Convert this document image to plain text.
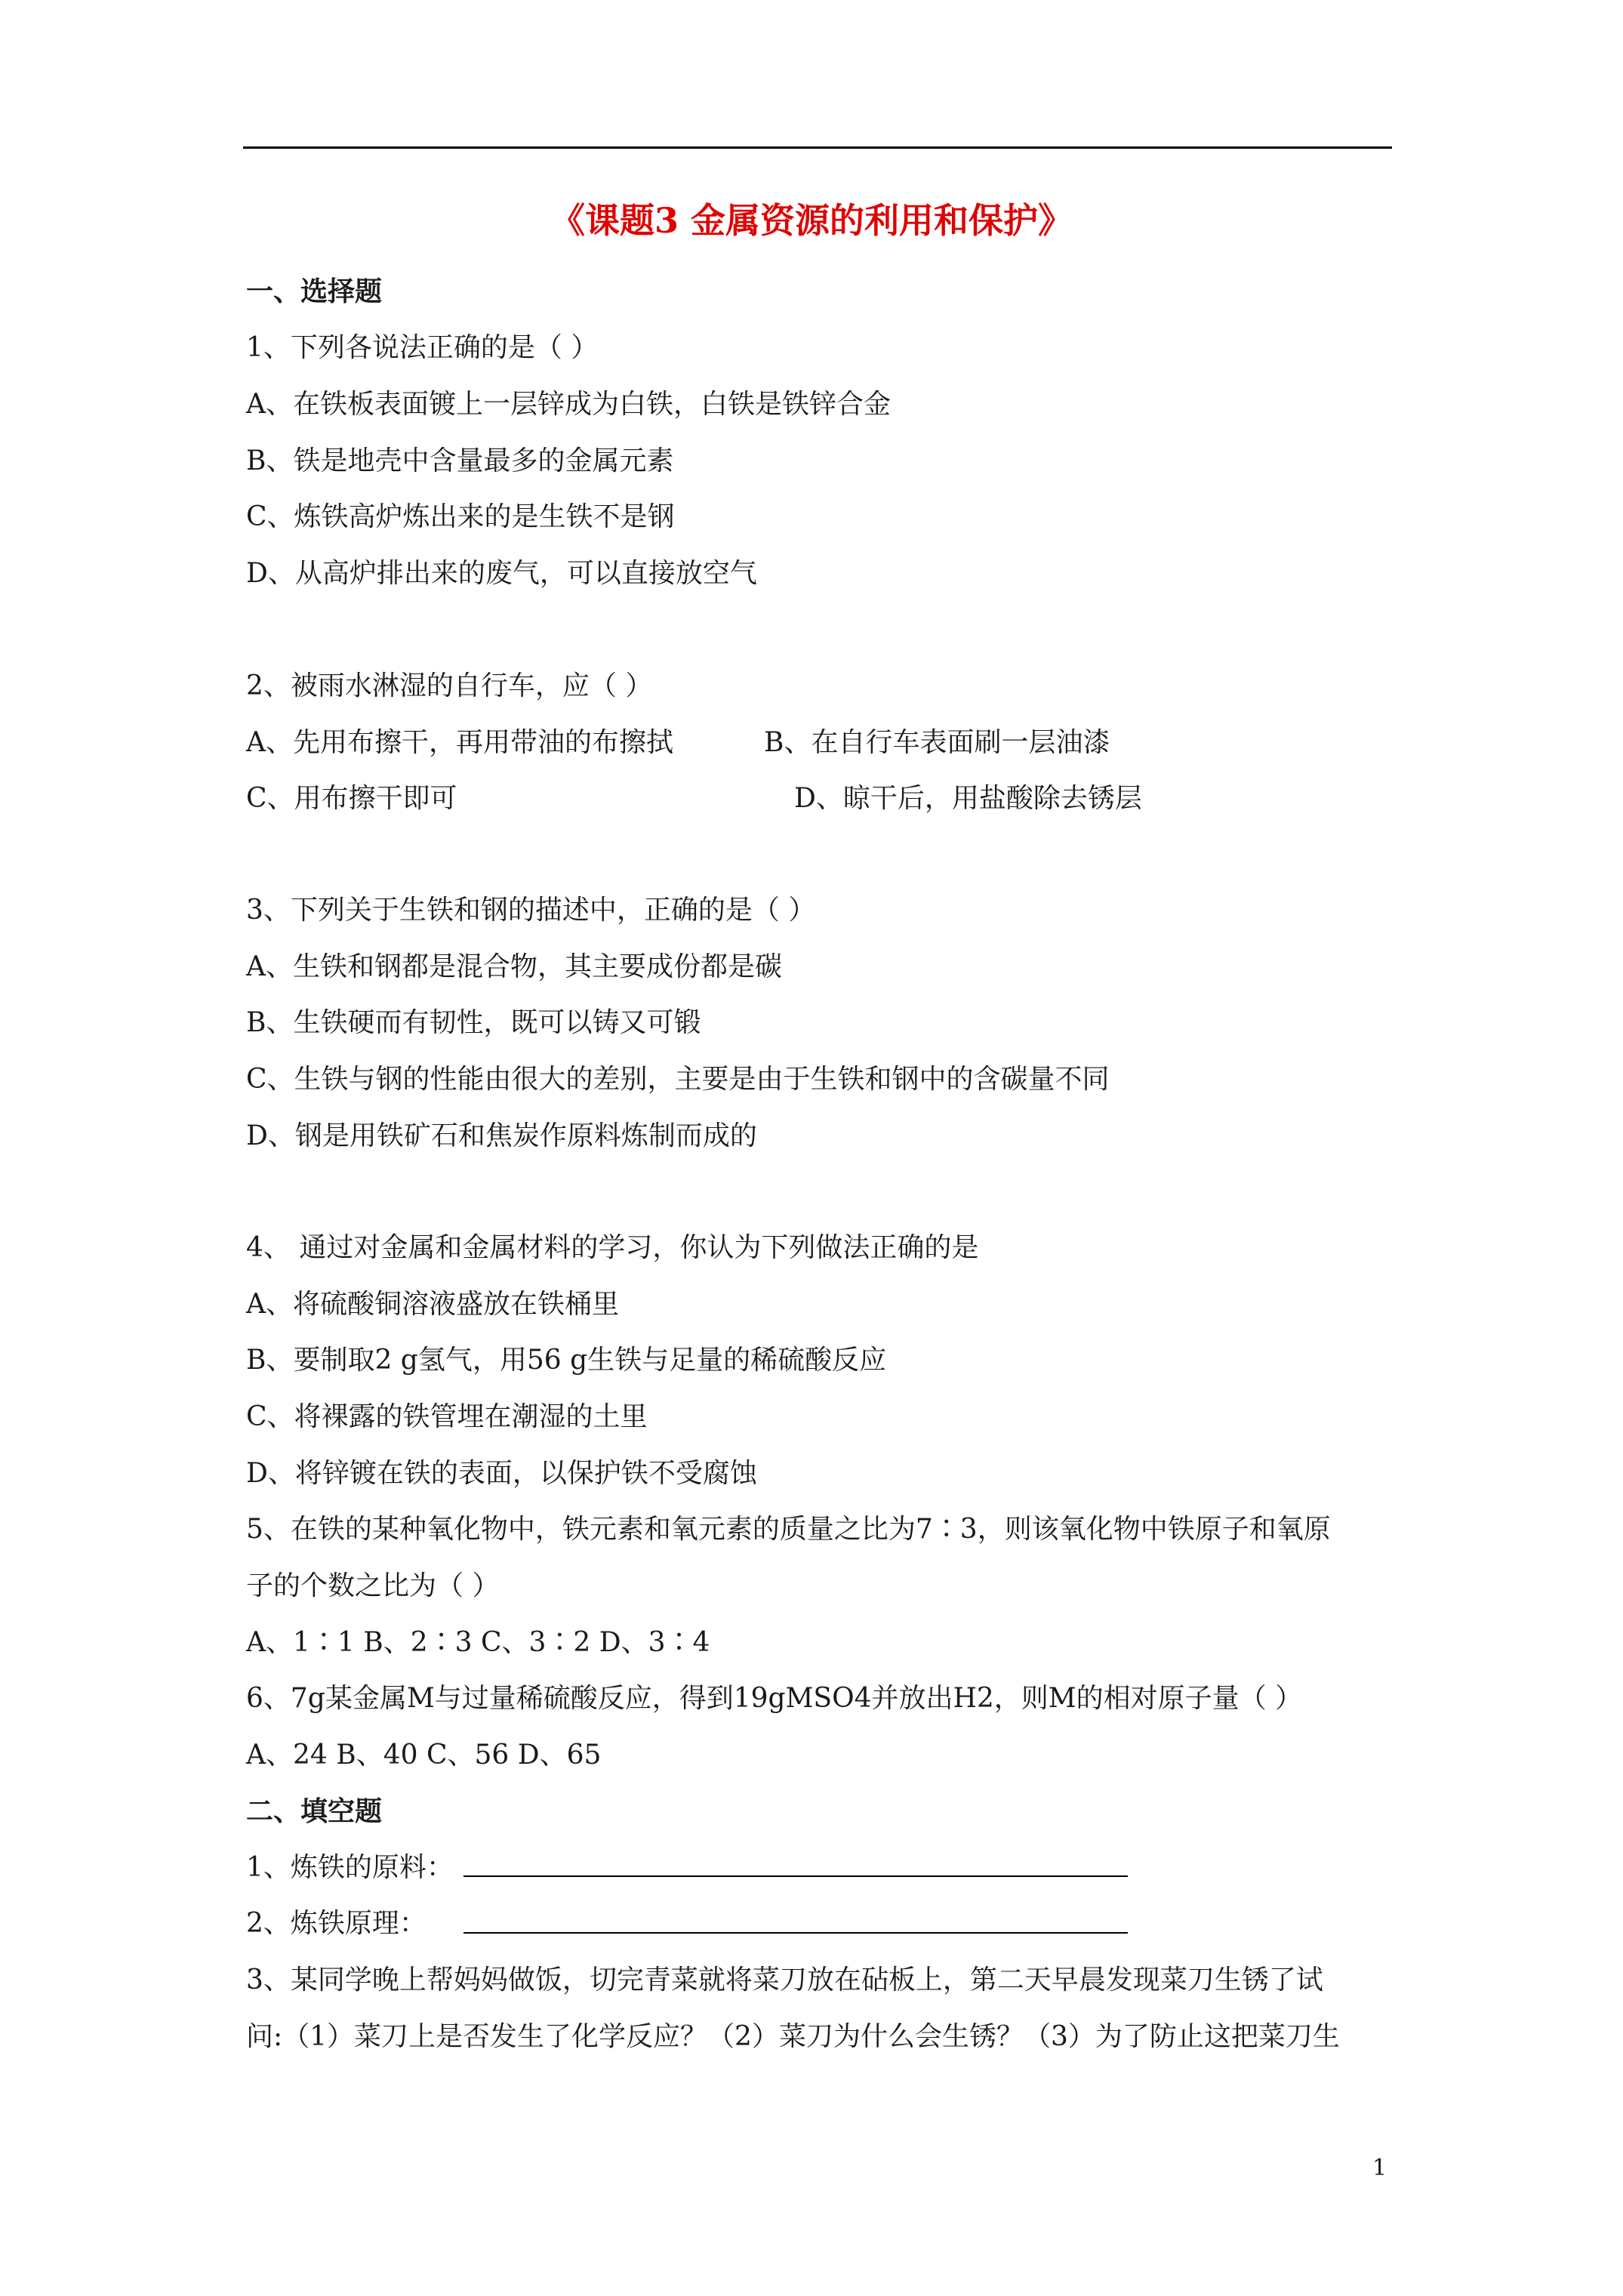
《课题3 金属资源的利用和保护》
一、选择题
1、下列各说法正确的是（ ）
A、在铁板表面镀上一层锌成为白铁，白铁是铁锌合金
B、铁是地壳中含量最多的金属元素
C、炼铁高炉炼出来的是生铁不是钢
D、从高炉排出来的废气，可以直接放空气
2、被雨水淋湿的自行车，应（ ）
A、先用布擦干，再用带油的布擦拭	B、在自行车表面刷一层油漆
C、用布擦干即可	D、晾干后，用盐酸除去锈层
3、下列关于生铁和钢的描述中，正确的是（ ）
A、生铁和钢都是混合物，其主要成份都是碳
B、生铁硬而有韧性，既可以铸又可锻
C、生铁与钢的性能由很大的差别，主要是由于生铁和钢中的含碳量不同
D、钢是用铁矿石和焦炭作原料炼制而成的
4、 通过对金属和金属材料的学习，你认为下列做法正确的是
A、将硫酸铜溶液盛放在铁桶里
B、要制取2 g氢气，用56 g生铁与足量的稀硫酸反应
C、将裸露的铁管埋在潮湿的土里
D、将锌镀在铁的表面，以保护铁不受腐蚀
5、在铁的某种氧化物中，铁元素和氧元素的质量之比为7∶3，则该氧化物中铁原子和氧原
子的个数之比为（ ）
A、1∶1 B、2∶3 C、3∶2 D、3∶4
6、7g某金属M与过量稀硫酸反应，得到19gMSO4并放出H2，则M的相对原子量（ ）
A、24 B、40 C、56 D、65
二、填空题
1、炼铁的原料：
2、炼铁原理：
3、某同学晚上帮妈妈做饭，切完青菜就将菜刀放在砧板上，第二天早晨发现菜刀生锈了试
问:（1）菜刀上是否发生了化学反应？（2）菜刀为什么会生锈？（3）为了防止这把菜刀生
1
